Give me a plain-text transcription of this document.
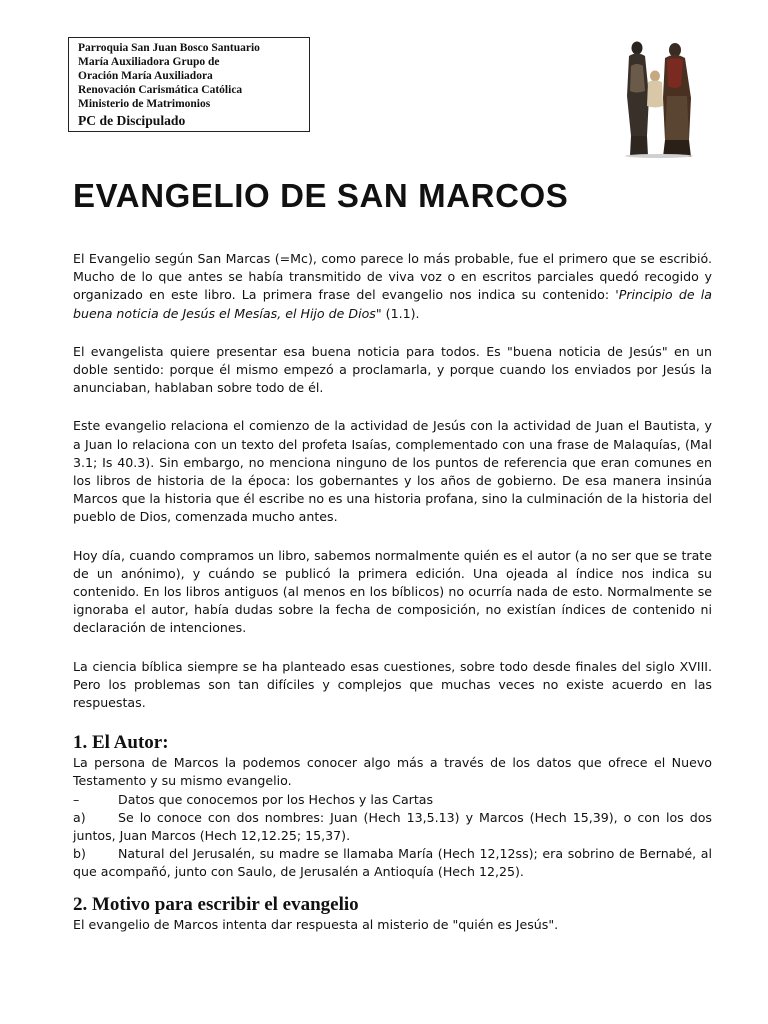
Parroquia San Juan Bosco Santuario
María Auxiliadora Grupo de
Oración María Auxiliadora
Renovación Carismática Católica
Ministerio de Matrimonios
PC de Discipulado
EVANGELIO DE SAN MARCOS

El Evangelio según San Marcas (=Mc), como parece lo más probable, fue el primero que se escribió. Mucho de lo que antes se había transmitido de viva voz o en escritos parciales quedó recogido y organizado en este libro. La primera frase del evangelio nos indica su contenido: 'Principio de la buena noticia de Jesús el Mesías, el Hijo de Dios" (1.1).

El evangelista quiere presentar esa buena noticia para todos. Es "buena noticia de Jesús" en un doble sentido: porque él mismo empezó a proclamarla, y porque cuando los enviados por Jesús la anunciaban, hablaban sobre todo de él.

Este evangelio relaciona el comienzo de la actividad de Jesús con la actividad de Juan el Bautista, y a Juan lo relaciona con un texto del profeta Isaías, complementado con una frase de Malaquías, (Mal 3.1; Is 40.3). Sin embargo, no menciona ninguno de los puntos de referencia que eran comunes en los libros de historia de la época: los gobernantes y los años de gobierno. De esa manera insinúa Marcos que la historia que él escribe no es una historia profana, sino la culminación de la historia del pueblo de Dios, comenzada mucho antes.

Hoy día, cuando compramos un libro, sabemos normalmente quién es el autor (a no ser que se trate de un anónimo), y cuándo se publicó la primera edición. Una ojeada al índice nos indica su contenido. En los libros antiguos (al menos en los bíblicos) no ocurría nada de esto. Normalmente se ignoraba el autor, había dudas sobre la fecha de composición, no existían índices de contenido ni declaración de intenciones.

La ciencia bíblica siempre se ha planteado esas cuestiones, sobre todo desde finales del siglo XVIII. Pero los problemas son tan difíciles y complejos que muchas veces no existe acuerdo en las respuestas.

1. El Autor:

La persona de Marcos la podemos conocer algo más a través de los datos que ofrece el Nuevo Testamento y su mismo evangelio.

–	Datos que conocemos por los Hechos y las Cartas
a)	Se lo conoce con dos nombres: Juan (Hech 13,5.13) y Marcos (Hech 15,39), o con los dos juntos, Juan Marcos (Hech 12,12.25; 15,37).
b)	Natural del Jerusalén, su madre se llamaba María (Hech 12,12ss); era sobrino de Bernabé, al que acompañó, junto con Saulo, de Jerusalén a Antioquía (Hech 12,25).
2. Motivo para escribir el evangelio

El evangelio de Marcos intenta dar respuesta al misterio de "quién es Jesús".
